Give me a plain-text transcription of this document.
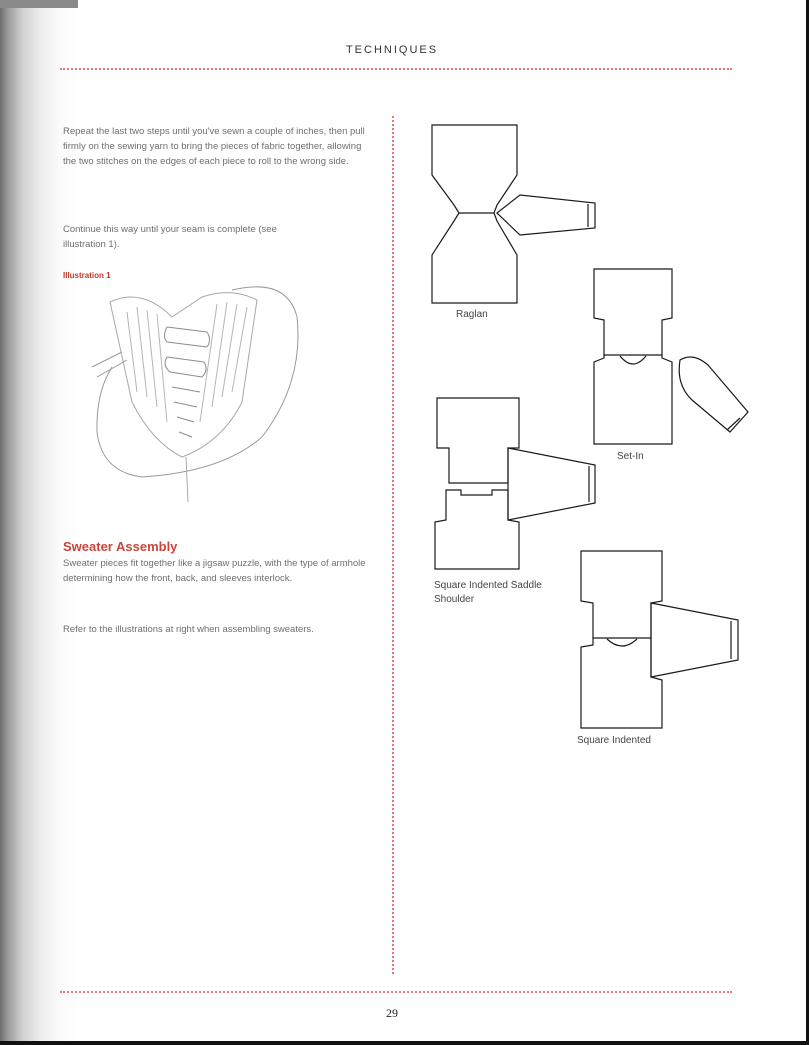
TECHNIQUES

Repeat the last two steps until you've sewn a couple of inches, then pull firmly on the sewing yarn to bring the pieces of fabric together, allowing the two stitches on the edges of each piece to roll to the wrong side.

Continue this way until your seam is complete (see illustration 1).

Illustration 1
Sweater Assembly

Sweater pieces fit together like a jigsaw puzzle, with the type of armhole determining how the front, back, and sleeves interlock.

Refer to the illustrations at right when assembling sweaters.

Raglan

Set-In

Square Indented Saddle Shoulder

Square Indented

29
